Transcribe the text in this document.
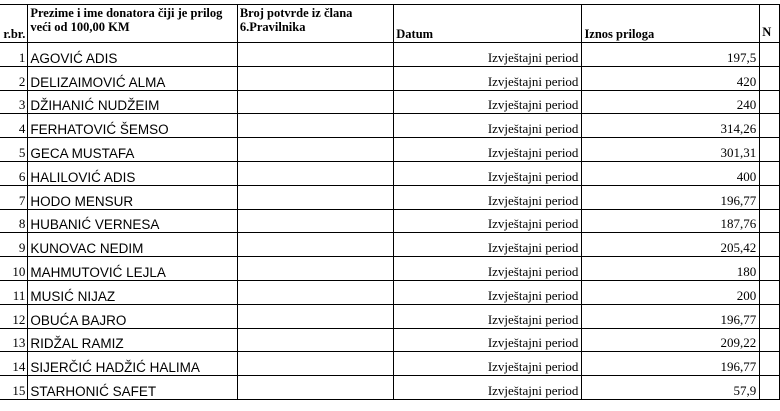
r.br.	Prezime i ime donatora čiji je prilog veći od 100,00 KM	Broj potvrde iz člana 6.Pravilnika	Datum	Iznos priloga	N
1	AGOVIĆ ADIS		Izvještajni period	197,5	
2	DELIZAIMOVIĆ ALMA		Izvještajni period	420	
3	DŽIHANIĆ NUDŽEIM		Izvještajni period	240	
4	FERHATOVIĆ ŠEMSO		Izvještajni period	314,26	
5	GECA MUSTAFA		Izvještajni period	301,31	
6	HALILOVIĆ ADIS		Izvještajni period	400	
7	HODO MENSUR		Izvještajni period	196,77	
8	HUBANIĆ VERNESA		Izvještajni period	187,76	
9	KUNOVAC NEDIM		Izvještajni period	205,42	
10	MAHMUTOVIĆ LEJLA		Izvještajni period	180	
11	MUSIĆ NIJAZ		Izvještajni period	200	
12	OBUĆA BAJRO		Izvještajni period	196,77	
13	RIDŽAL RAMIZ		Izvještajni period	209,22	
14	SIJERČIĆ HADŽIĆ HALIMA		Izvještajni period	196,77	
15	STARHONIĆ SAFET		Izvještajni period	57,9	
